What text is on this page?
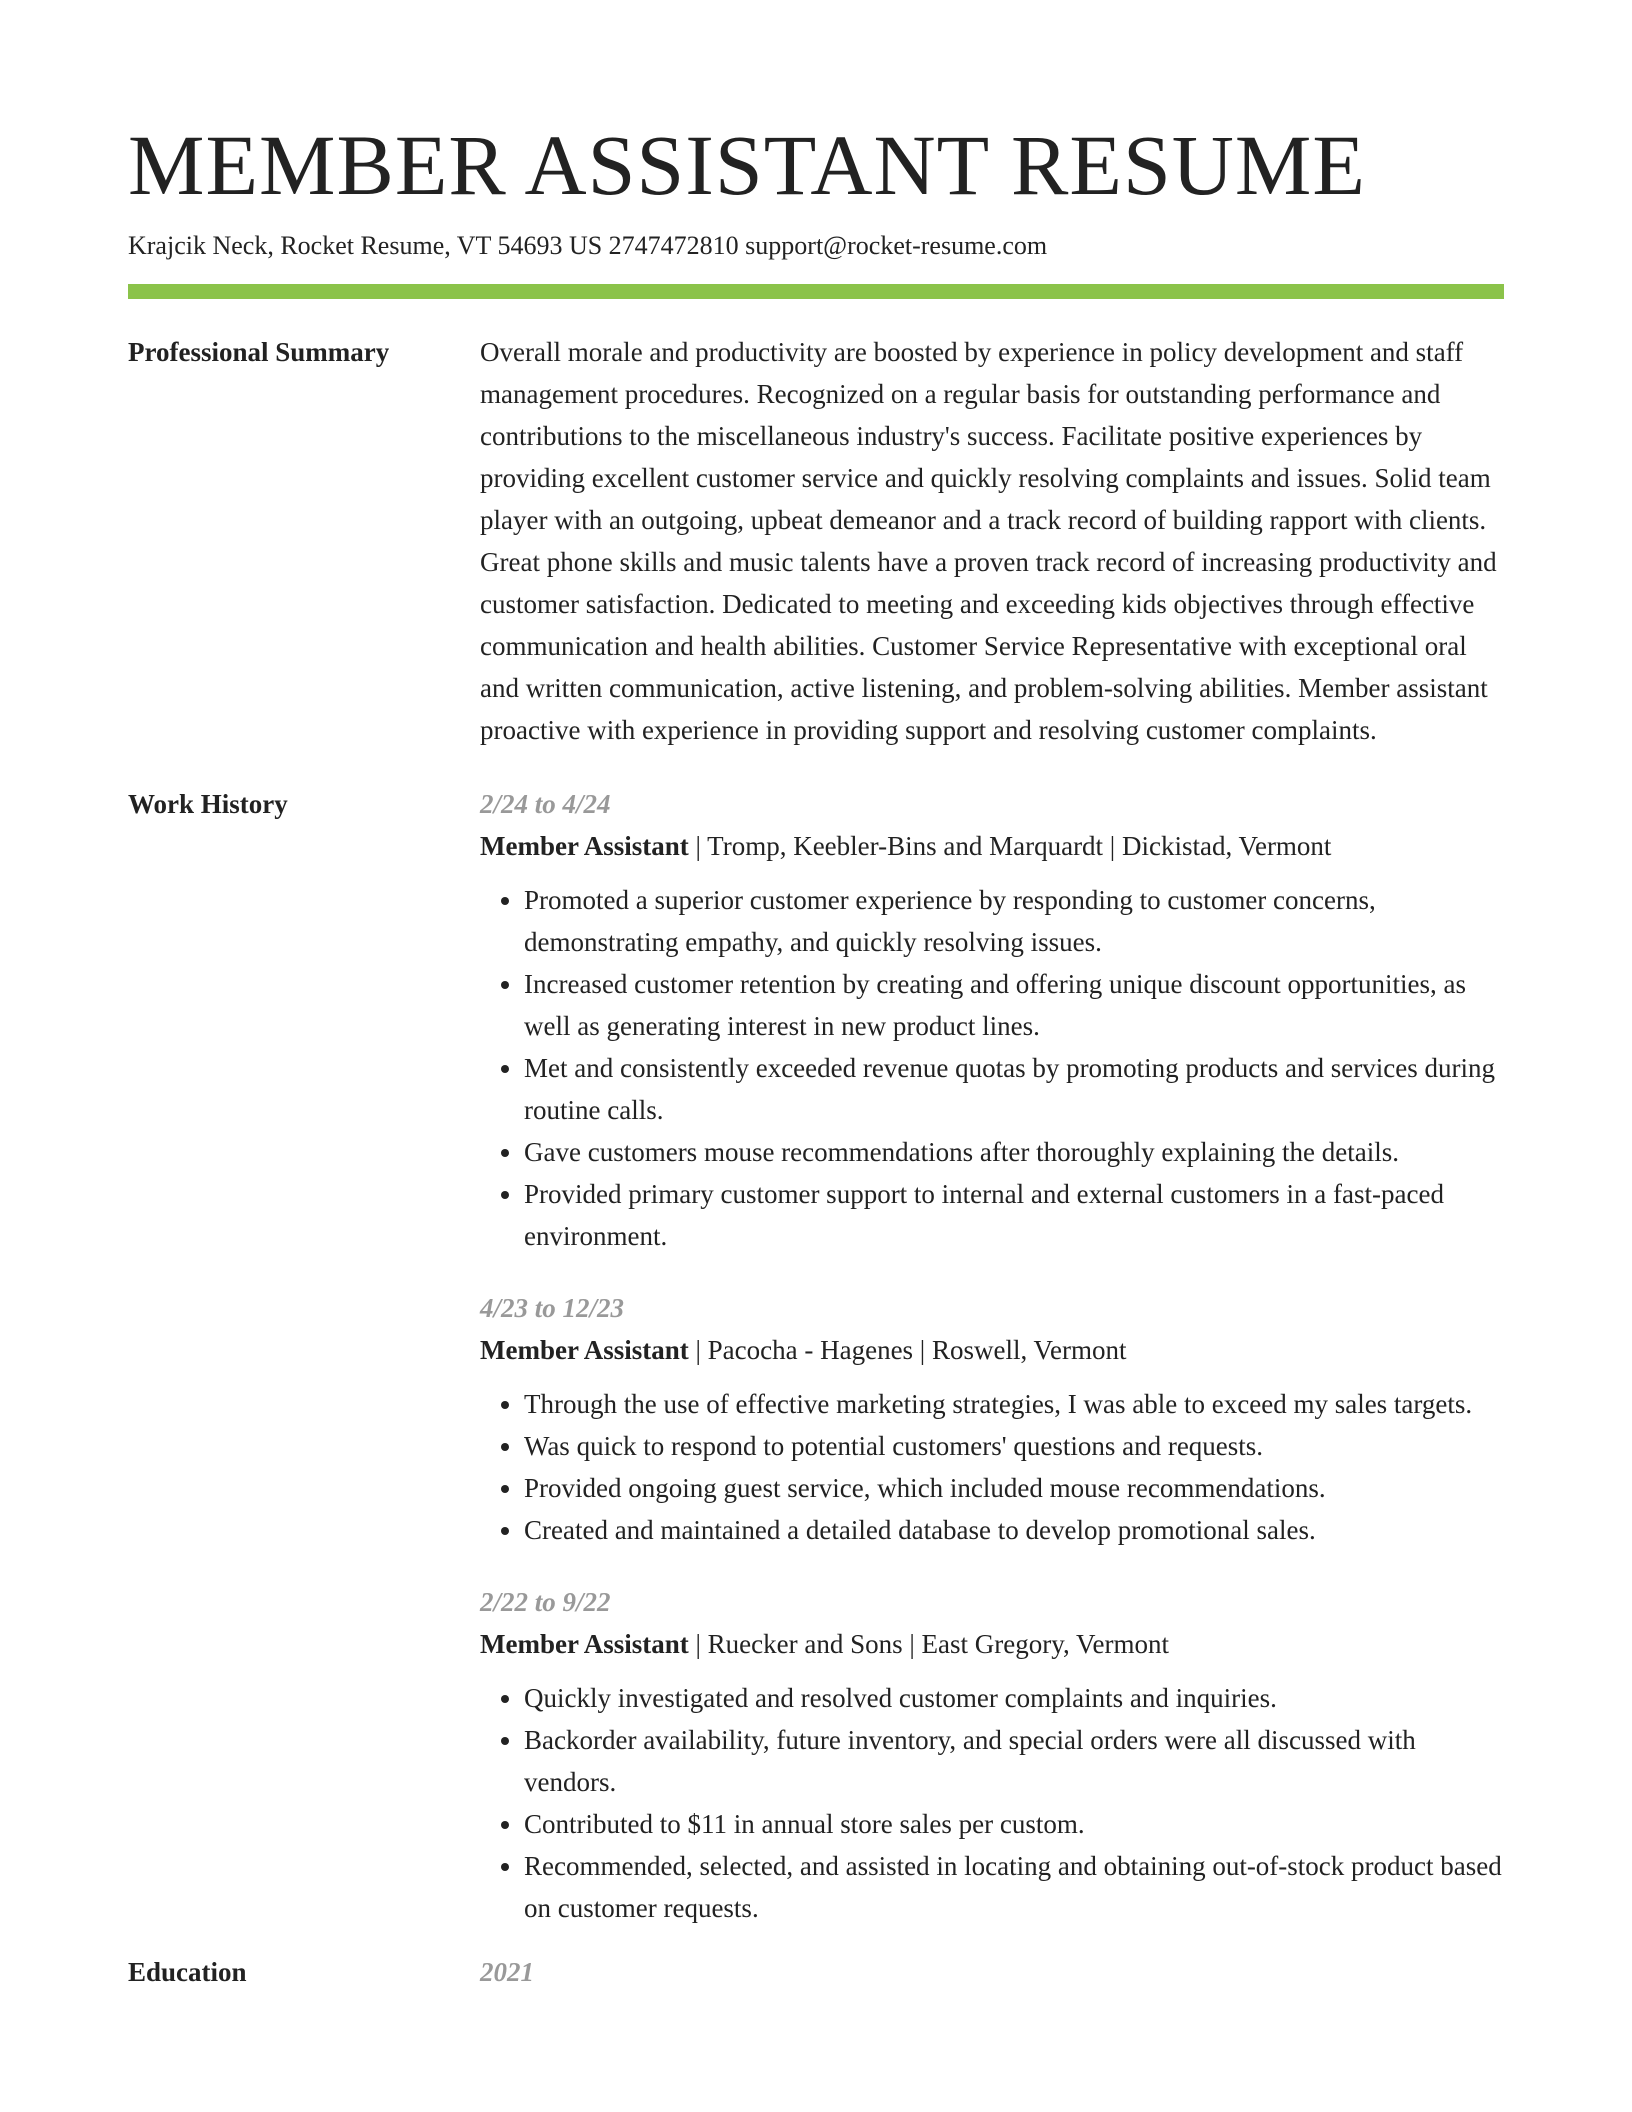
MEMBER ASSISTANT RESUME
Krajcik Neck, Rocket Resume, VT 54693 US 2747472810 support@rocket-resume.com
Professional Summary	Overall morale and productivity are boosted by experience in policy development and staff management procedures. Recognized on a regular basis for outstanding performance and contributions to the miscellaneous industry's success. Facilitate positive experiences by providing excellent customer service and quickly resolving complaints and issues. Solid team player with an outgoing, upbeat demeanor and a track record of building rapport with clients. Great phone skills and music talents have a proven track record of increasing productivity and customer satisfaction. Dedicated to meeting and exceeding kids objectives through effective communication and health abilities. Customer Service Representative with exceptional oral and written communication, active listening, and problem-solving abilities. Member assistant proactive with experience in providing support and resolving customer complaints.
Work History	2/24 to 4/24
Member Assistant | Tromp, Keebler-Bins and Marquardt | Dickistad, Vermont
• Promoted a superior customer experience by responding to customer concerns, demonstrating empathy, and quickly resolving issues.
• Increased customer retention by creating and offering unique discount opportunities, as well as generating interest in new product lines.
• Met and consistently exceeded revenue quotas by promoting products and services during routine calls.
• Gave customers mouse recommendations after thoroughly explaining the details.
• Provided primary customer support to internal and external customers in a fast-paced environment.
4/23 to 12/23
Member Assistant | Pacocha - Hagenes | Roswell, Vermont
• Through the use of effective marketing strategies, I was able to exceed my sales targets.
• Was quick to respond to potential customers' questions and requests.
• Provided ongoing guest service, which included mouse recommendations.
• Created and maintained a detailed database to develop promotional sales.
2/22 to 9/22
Member Assistant | Ruecker and Sons | East Gregory, Vermont
• Quickly investigated and resolved customer complaints and inquiries.
• Backorder availability, future inventory, and special orders were all discussed with vendors.
• Contributed to $11 in annual store sales per custom.
• Recommended, selected, and assisted in locating and obtaining out-of-stock product based on customer requests.
Education	2021
